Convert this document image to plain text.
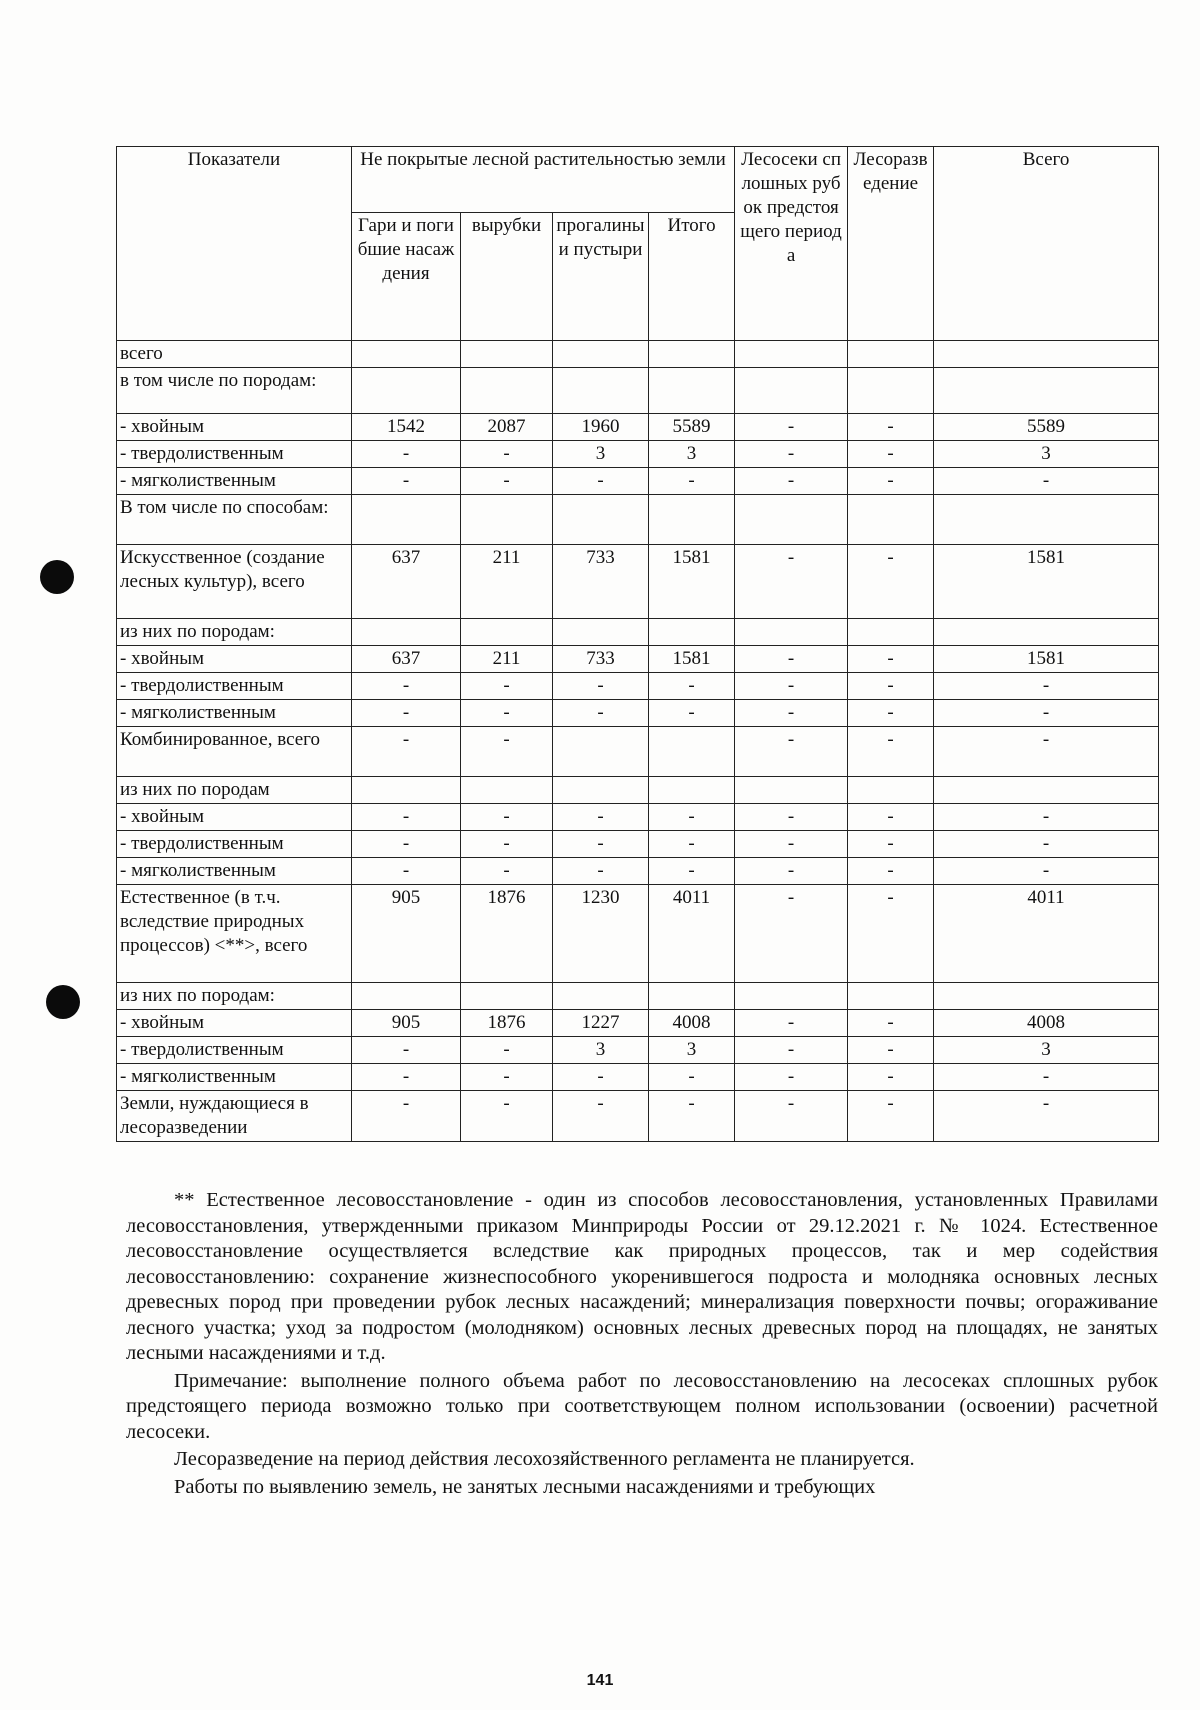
Показатели	Не покрытые лесной растительностью земли				Лесосеки сплошных рубок предстоящего периода	Лесоразведение	Всего
	Гари и погибшие насаждения	вырубки	прогалины и пустыри	Итого			
всего							
в том числе по породам:							
- хвойным	1542	2087	1960	5589	-	-	5589
- твердолиственным	-	-	3	3	-	-	3
- мягколиственным	-	-	-	-	-	-	-
В том числе по способам:							
Искусственное (создание лесных культур), всего	637	211	733	1581	-	-	1581
из них по породам:							
- хвойным	637	211	733	1581	-	-	1581
- твердолиственным	-	-	-	-	-	-	-
- мягколиственным	-	-	-	-	-	-	-
Комбинированное, всего	-	-			-	-	-
из них по породам							
- хвойным	-	-	-	-	-	-	-
- твердолиственным	-	-	-	-	-	-	-
- мягколиственным	-	-	-	-	-	-	-
Естественное (в т.ч. вследствие природных процессов) <**>, всего	905	1876	1230	4011	-	-	4011
из них по породам:							
- хвойным	905	1876	1227	4008	-	-	4008
- твердолиственным	-	-	3	3	-	-	3
- мягколиственным	-	-	-	-	-	-	-
Земли, нуждающиеся в лесоразведении	-	-	-	-	-	-	-

** Естественное лесовосстановление - один из способов лесовосстановления, установленных Правилами лесовосстановления, утвержденными приказом Минприроды России от 29.12.2021 г. № 1024. Естественное лесовосстановление осуществляется вследствие как природных процессов, так и мер содействия лесовосстановлению: сохранение жизнеспособного укоренившегося подроста и молодняка основных лесных древесных пород при проведении рубок лесных насаждений; минерализация поверхности почвы; огораживание лесного участка; уход за подростом (молодняком) основных лесных древесных пород на площадях, не занятых лесными насаждениями и т.д.

Примечание: выполнение полного объема работ по лесовосстановлению на лесосеках сплошных рубок предстоящего периода возможно только при соответствующем полном использовании (освоении) расчетной лесосеки.

Лесоразведение на период действия лесохозяйственного регламента не планируется.

Работы по выявлению земель, не занятых лесными насаждениями и требующих

141
